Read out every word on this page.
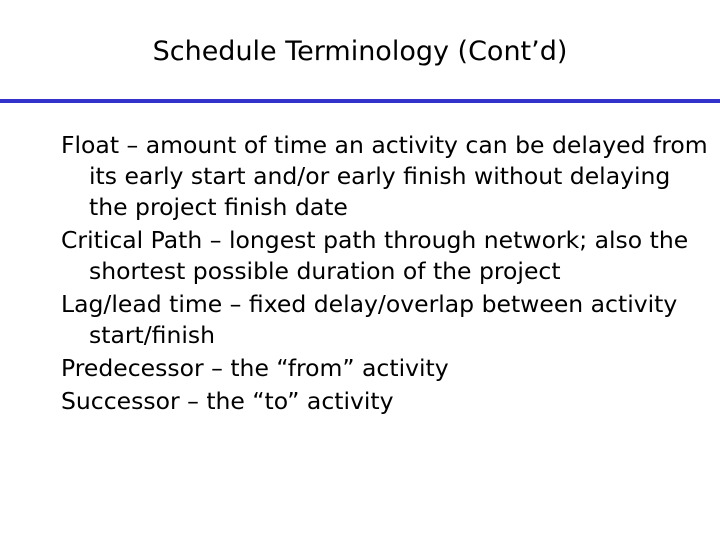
Schedule Terminology (Cont’d)
Float – amount of time an activity can be delayed from its early start and/or early finish without delaying the project finish date
Critical Path – longest path through network; also the shortest possible duration of the project
Lag/lead time – fixed delay/overlap between activity start/finish
Predecessor – the “from” activity
Successor – the “to” activity
